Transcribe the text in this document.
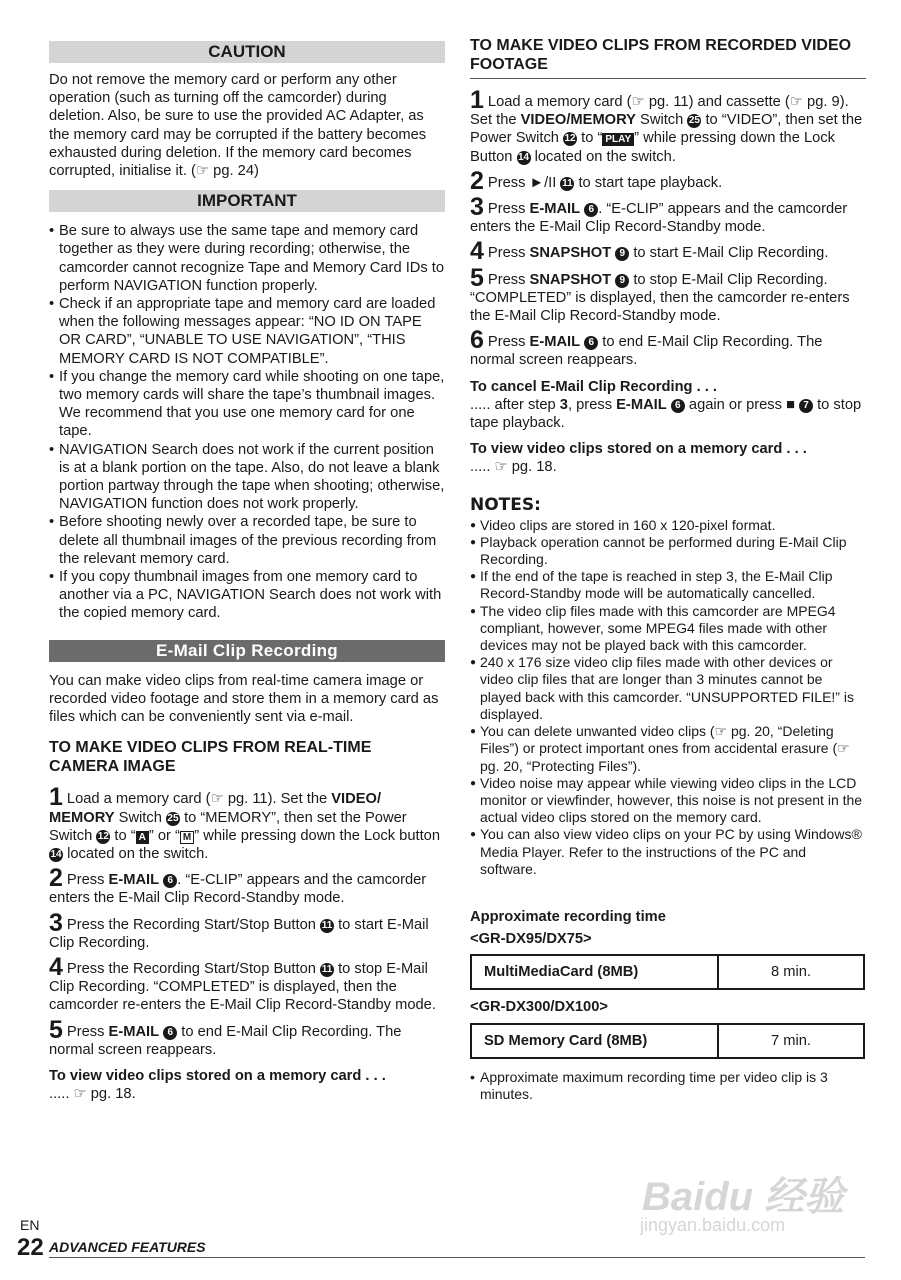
CAUTION

Do not remove the memory card or perform any other operation (such as turning off the camcorder) during deletion. Also, be sure to use the provided AC Adapter, as the memory card may be corrupted if the battery becomes exhausted during deletion. If the memory card becomes corrupted, initialise it. (☞ pg. 24)

IMPORTANT
• Be sure to always use the same tape and memory card together as they were during recording; otherwise, the camcorder cannot recognize Tape and Memory Card IDs to perform NAVIGATION function properly.
• Check if an appropriate tape and memory card are loaded when the following messages appear: “NO ID ON TAPE OR CARD”, “UNABLE TO USE NAVIGATION”, “THIS MEMORY CARD IS NOT COMPATIBLE”.
• If you change the memory card while shooting on one tape, two memory cards will share the tape’s thumbnail images. We recommend that you use one memory card for one tape.
• NAVIGATION Search does not work if the current position is at a blank portion on the tape. Also, do not leave a blank portion partway through the tape when shooting; otherwise, NAVIGATION function does not work properly.
• Before shooting newly over a recorded tape, be sure to delete all thumbnail images of the previous recording from the relevant memory card.
• If you copy thumbnail images from one memory card to another via a PC, NAVIGATION Search does not work with the copied memory card.
E-Mail Clip Recording

You can make video clips from real-time camera image or recorded video footage and store them in a memory card as files which can be conveniently sent via e-mail.

TO MAKE VIDEO CLIPS FROM REAL-TIME CAMERA IMAGE

1 Load a memory card (☞ pg. 11). Set the VIDEO/ MEMORY Switch 25 to “MEMORY”, then set the Power Switch 12 to “ A ” or “ M ” while pressing down the Lock button 14 located on the switch.

2 Press E-MAIL 6 . “E-CLIP” appears and the camcorder enters the E-Mail Clip Record-Standby mode.

3 Press the Recording Start/Stop Button 11 to start E-Mail Clip Recording.

4 Press the Recording Start/Stop Button 11 to stop E-Mail Clip Recording. “COMPLETED” is displayed, then the camcorder re-enters the E-Mail Clip Record-Standby mode.

5 Press E-MAIL 6 to end E-Mail Clip Recording. The normal screen reappears.

To view video clips stored on a memory card . . .

..... ☞ pg. 18.

TO MAKE VIDEO CLIPS FROM RECORDED VIDEO FOOTAGE

1 Load a memory card (☞ pg. 11) and cassette (☞ pg. 9). Set the VIDEO/MEMORY Switch 25 to “VIDEO”, then set the Power Switch 12 to “ PLAY ” while pressing down the Lock Button 14 located on the switch.

2 Press ►/II 11 to start tape playback.

3 Press E-MAIL 6 . “E-CLIP” appears and the camcorder enters the E-Mail Clip Record-Standby mode.

4 Press SNAPSHOT 9 to start E-Mail Clip Recording.

5 Press SNAPSHOT 9 to stop E-Mail Clip Recording. “COMPLETED” is displayed, then the camcorder re-enters the E-Mail Clip Record-Standby mode.

6 Press E-MAIL 6 to end E-Mail Clip Recording. The normal screen reappears.

To cancel E-Mail Clip Recording . . .

..... after step 3, press E-MAIL 6 again or press ■ 7 to stop tape playback.

To view video clips stored on a memory card . . .

..... ☞ pg. 18.

NOTES:
● Video clips are stored in 160 x 120-pixel format.
● Playback operation cannot be performed during E-Mail Clip Recording.
● If the end of the tape is reached in step 3, the E-Mail Clip Record-Standby mode will be automatically cancelled.
● The video clip files made with this camcorder are MPEG4 compliant, however, some MPEG4 files made with other devices may not be played back with this camcorder.
● 240 x 176 size video clip files made with other devices or video clip files that are longer than 3 minutes cannot be played back with this camcorder. “UNSUPPORTED FILE!” is displayed.
● You can delete unwanted video clips (☞ pg. 20, “Deleting Files”) or protect important ones from accidental erasure (☞ pg. 20, “Protecting Files”).
● Video noise may appear while viewing video clips in the LCD monitor or viewfinder, however, this noise is not present in the actual video clips stored on the memory card.
● You can also view video clips on your PC by using Windows® Media Player. Refer to the instructions of the PC and software.
Approximate recording time
<GR-DX95/DX75>
MultiMediaCard (8MB)	8 min.
<GR-DX300/DX100>
SD Memory Card (8MB)	7 min.
• Approximate maximum recording time per video clip is 3 minutes.
Baidu 经验
jingyan.baidu.com
EN
22 ADVANCED FEATURES
